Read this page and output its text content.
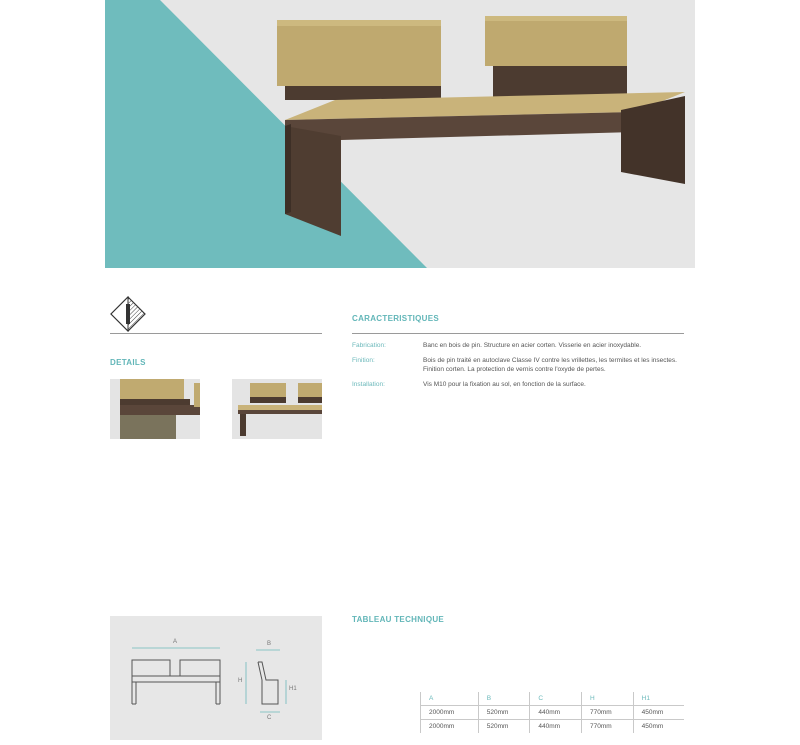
DETAILS
CARACTERISTIQUES
Fabrication:	Banc en bois de pin. Structure en acier corten. Visserie en acier inoxydable.
Finition:	Bois de pin traité en autoclave Classe IV contre les vrillettes, les termites et les insectes. Finition corten. La protection de vernis contre l'oxyde de pertes.
Installation:	Vis M10 pour la fixation au sol, en fonction de la surface.
A	B
C
H
H1
TABLEAU TECHNIQUE
A	B	C	H	H1
2000mm	520mm	440mm	770mm	450mm
2000mm	520mm	440mm	770mm	450mm
